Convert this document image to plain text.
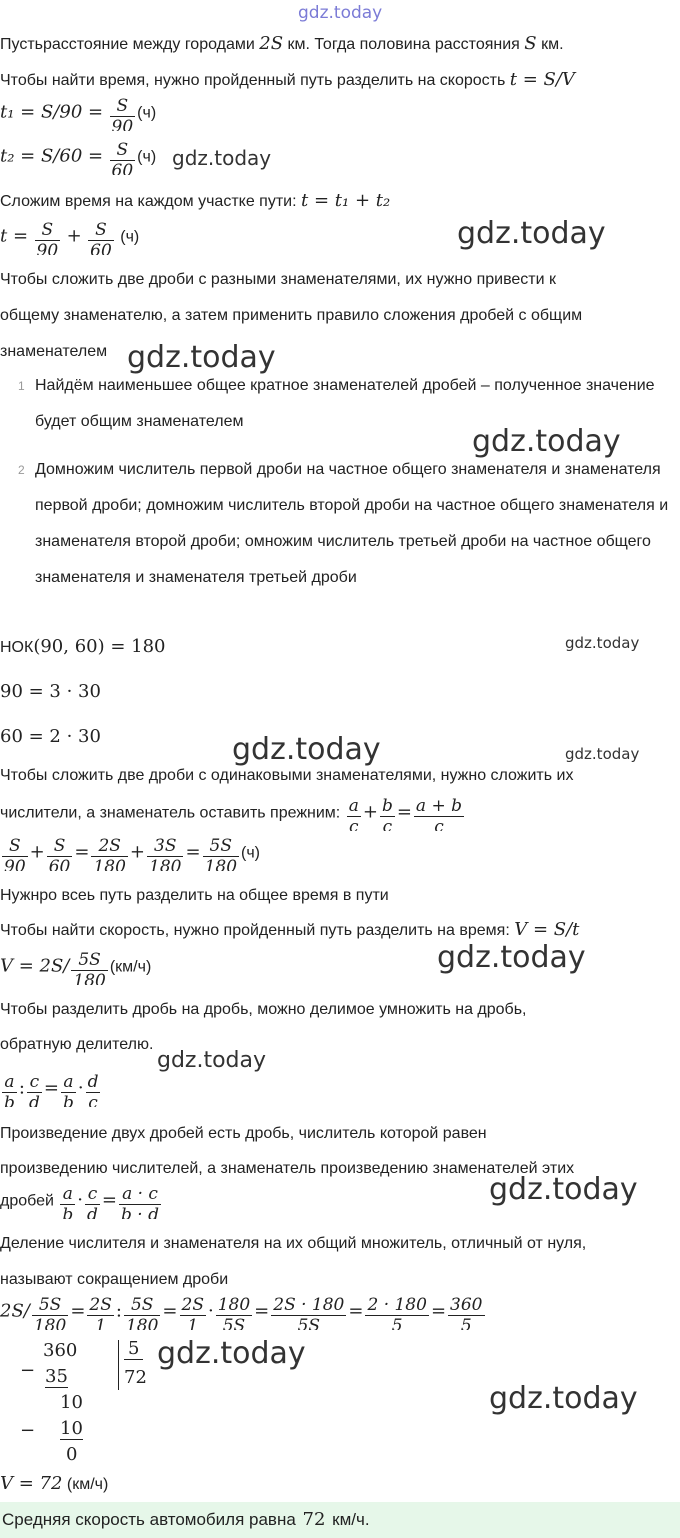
gdz.today
gdz.today
gdz.today
gdz.today
gdz.today
gdz.today
gdz.today	gdz.today
gdz.today
gdz.today
gdz.today
gdz.today
gdz.today
Пустьрасстояние между городами 2S км. Тогда половина расстояния S км.
Чтобы найти время, нужно пройденный путь разделить на скорость t = S/V
$t_1 = S/90 = \frac{S}{90} (ч)$
$t_2 = S/60 = \frac{S}{60} (ч)$
Сложим время на каждом участке пути: t = t₁ + t₂
$t = \frac{S}{90} + \frac{S}{60} (ч)$
Чтобы сложить две дроби с разными знаменателями, их нужно привести к
общему знаменателю, а затем применить правило сложения дробей с общим
знаменателем
1 Найдём наименьшее общее кратное знаменателей дробей – полученное значение будет общим знаменателем
2 Домножим числитель первой дроби на частное общего знаменателя и знаменателя первой дроби; домножим числитель второй дроби на частное общего знаменателя и знаменателя второй дроби; омножим числитель третьей дроби на частное общего знаменателя и знаменателя третьей дроби
НОК(90, 60) = 180
90 = 3 · 30
60 = 2 · 30
Чтобы сложить две дроби с одинаковыми знаменателями, нужно сложить их
числители, а знаменатель оставить прежним: $\frac{a}{c} + \frac{b}{c} = \frac{a + b}{c}$
$\frac{S}{90} + \frac{S}{60} = \frac{2S}{180} + \frac{3S}{180} = \frac{5S}{180} (ч)$
Нужнро всеь путь разделить на общее время в пути
Чтобы найти скорость, нужно пройденный путь разделить на время: V = S/t
$V = 2S/ \frac{5S}{180} (км/ч)$
Чтобы разделить дробь на дробь, можно делимое умножить на дробь,
обратную делителю.
$\frac{a}{b}$ : $\frac{c}{d} = \frac{a}{b} \cdot \frac{d}{c}$
Произведение двух дробей есть дробь, числитель которой равен
произведению числителей, а знаменатель произведению знаменателей этих
дробей $\frac{a}{b} \cdot \frac{c}{d} = \frac{a \cdot c}{b \cdot d}$
Деление числителя и знаменателя на их общий множитель, отличный от нуля,
называют сокращением дроби
$2S/ \frac{5S}{180} = \frac{2S}{1}$ : $\frac{5S}{180} = \frac{2S}{1} \cdot \frac{180}{5S} = \frac{2S \cdot 180}{5S} = \frac{2 \cdot 180}{5} = \frac{360}{5}$
−
360
35
5
72
10
− 10
0
V = 72 (км/ч)
Средняя скорость автомобиля равна 72 км/ч.
